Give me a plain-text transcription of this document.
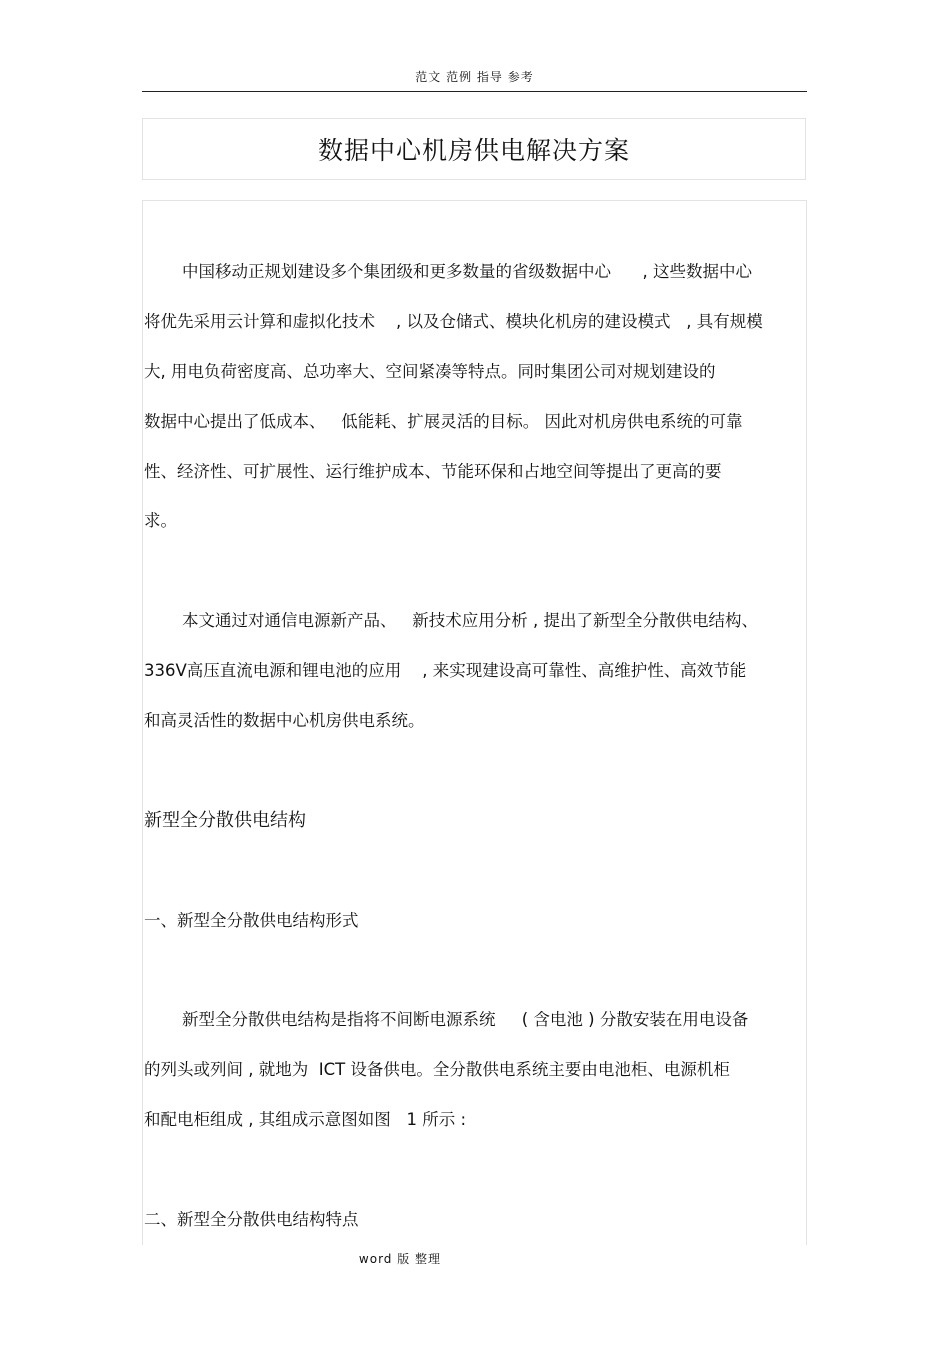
范文 范例 指导 参考
数据中心机房供电解决方案
中国移动正规划建设多个集团级和更多数量的省级数据中心      , 这些数据中心
将优先采用云计算和虚拟化技术    , 以及仓储式、模块化机房的建设模式   , 具有规模
大, 用电负荷密度高、总功率大、空间紧凑等特点。同时集团公司对规划建设的
数据中心提出了低成本、   低能耗、扩展灵活的目标。 因此对机房供电系统的可靠
性、经济性、可扩展性、运行维护成本、节能环保和占地空间等提出了更高的要
求。
本文通过对通信电源新产品、   新技术应用分析 , 提出了新型全分散供电结构、
336V高压直流电源和锂电池的应用    , 来实现建设高可靠性、高维护性、高效节能
和高灵活性的数据中心机房供电系统。
新型全分散供电结构
一、新型全分散供电结构形式
新型全分散供电结构是指将不间断电源系统     ( 含电池 ) 分散安装在用电设备
的列头或列间 , 就地为  ICT 设备供电。全分散供电系统主要由电池柜、电源机柜
和配电柜组成 , 其组成示意图如图   1 所示 :
二、新型全分散供电结构特点
word 版 整理
